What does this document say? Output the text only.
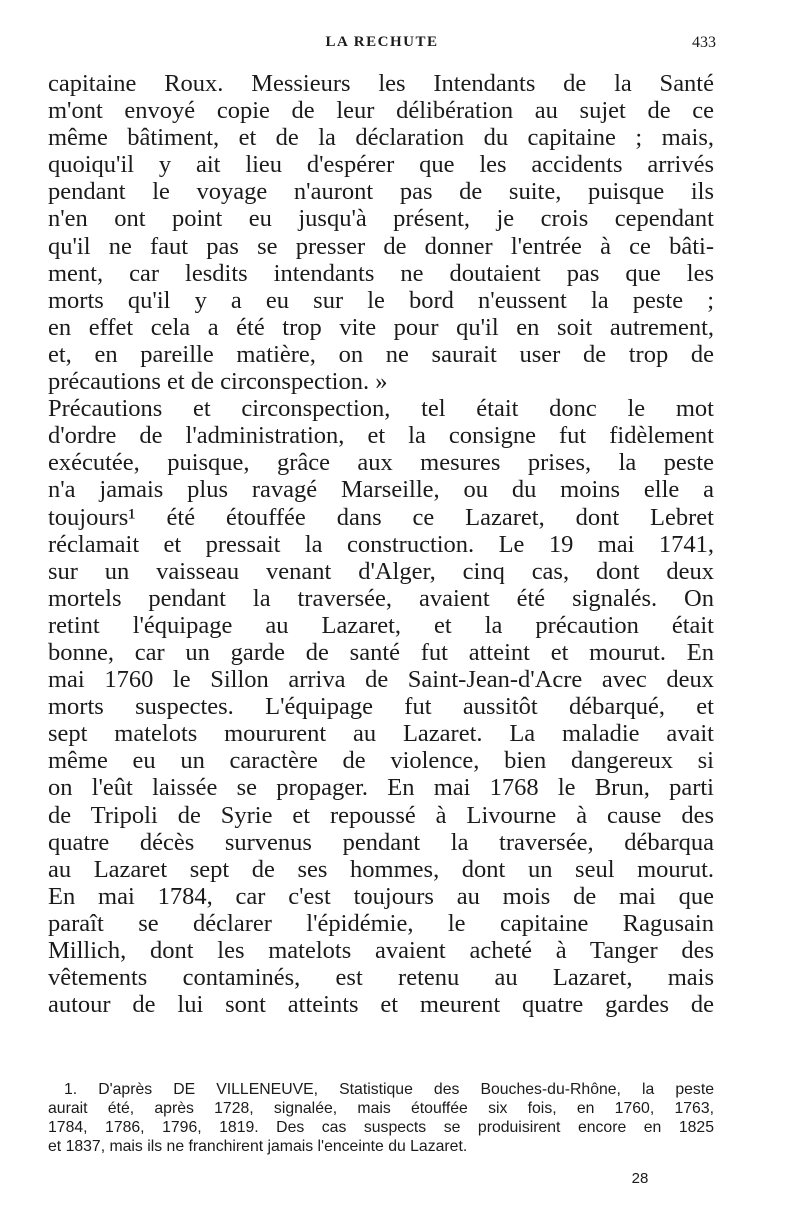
LA RECHUTE	433
capitaine Roux. Messieurs les Intendants de la Santé
m'ont envoyé copie de leur délibération au sujet de ce
même bâtiment, et de la déclaration du capitaine ; mais,
quoiqu'il y ait lieu d'espérer que les accidents arrivés
pendant le voyage n'auront pas de suite, puisque ils
n'en ont point eu jusqu'à présent, je crois cependant
qu'il ne faut pas se presser de donner l'entrée à ce bâti-
ment, car lesdits intendants ne doutaient pas que les
morts qu'il y a eu sur le bord n'eussent la peste ;
en effet cela a été trop vite pour qu'il en soit autrement,
et, en pareille matière, on ne saurait user de trop de
précautions et de circonspection. »
Précautions et circonspection, tel était donc le mot
d'ordre de l'administration, et la consigne fut fidèlement
exécutée, puisque, grâce aux mesures prises, la peste
n'a jamais plus ravagé Marseille, ou du moins elle a
toujours¹ été étouffée dans ce Lazaret, dont Lebret
réclamait et pressait la construction. Le 19 mai 1741,
sur un vaisseau venant d'Alger, cinq cas, dont deux
mortels pendant la traversée, avaient été signalés. On
retint l'équipage au Lazaret, et la précaution était
bonne, car un garde de santé fut atteint et mourut. En
mai 1760 le Sillon arriva de Saint-Jean-d'Acre avec deux
morts suspectes. L'équipage fut aussitôt débarqué, et
sept matelots moururent au Lazaret. La maladie avait
même eu un caractère de violence, bien dangereux si
on l'eût laissée se propager. En mai 1768 le Brun, parti
de Tripoli de Syrie et repoussé à Livourne à cause des
quatre décès survenus pendant la traversée, débarqua
au Lazaret sept de ses hommes, dont un seul mourut.
En mai 1784, car c'est toujours au mois de mai que
paraît se déclarer l'épidémie, le capitaine Ragusain
Millich, dont les matelots avaient acheté à Tanger des
vêtements contaminés, est retenu au Lazaret, mais
autour de lui sont atteints et meurent quatre gardes de
1. D'après DE VILLENEUVE, Statistique des Bouches-du-Rhône, la peste
aurait été, après 1728, signalée, mais étouffée six fois, en 1760, 1763,
1784, 1786, 1796, 1819. Des cas suspects se produisirent encore en 1825
et 1837, mais ils ne franchirent jamais l'enceinte du Lazaret.
28
